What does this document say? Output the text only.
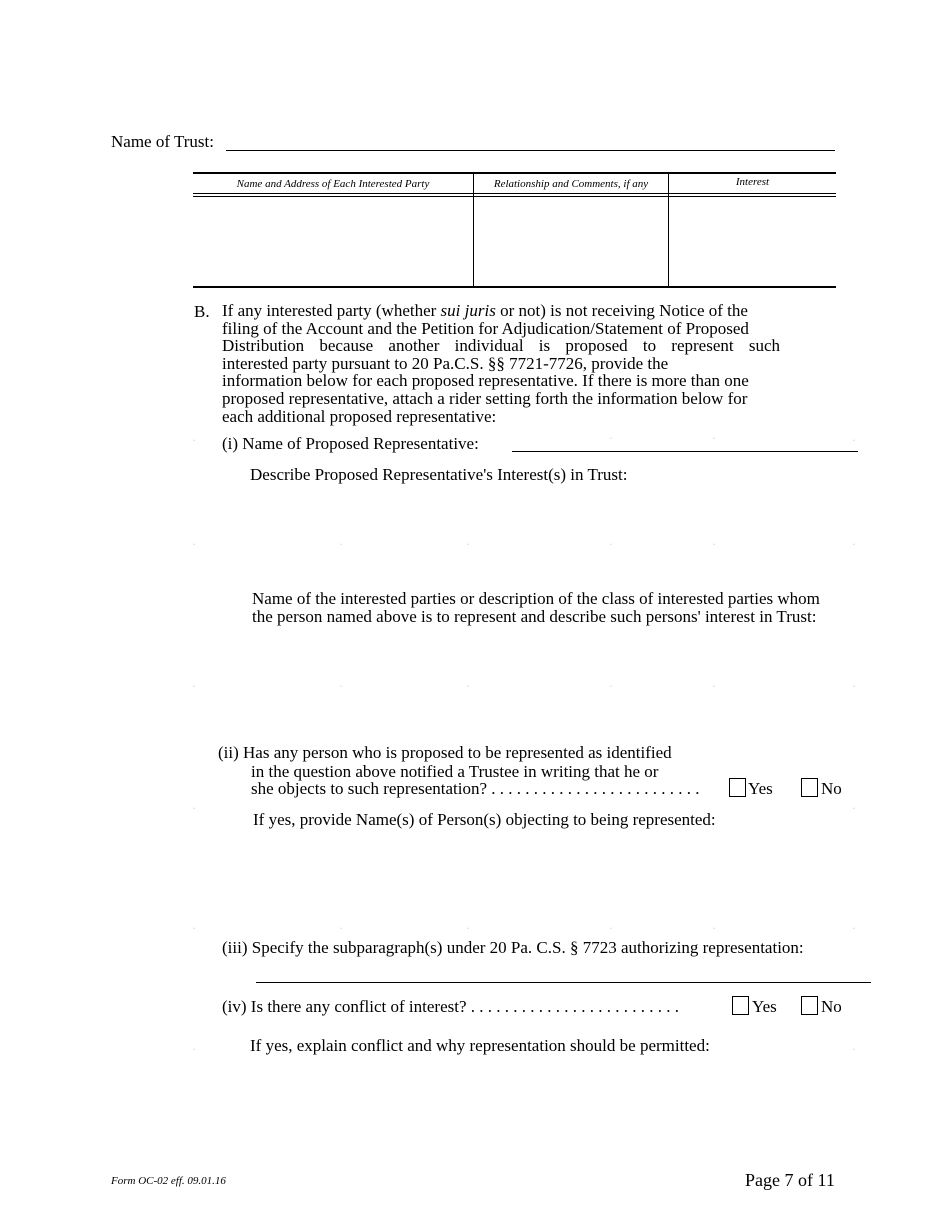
Name of Trust:
Name and Address of Each Interested Party	Relationship and Comments, if any	Interest
B. If any interested party (whether sui juris or not) is not receiving Notice of the
filing of the Account and the Petition for Adjudication/Statement of Proposed
Distribution because another individual is proposed to represent such
interested party pursuant to 20 Pa.C.S. §§ 7721-7726, provide the
information below for each proposed representative. If there is more than one
proposed representative, attach a rider setting forth the information below for
each additional proposed representative:
(i) Name of Proposed Representative:
Describe Proposed Representative's Interest(s) in Trust:
Name of the interested parties or description of the class of interested parties whom
the person named above is to represent and describe such persons' interest in Trust:
(ii) Has any person who is proposed to be represented as identified
in the question above notified a Trustee in writing that he or
she objects to such representation? . . . . . . . . . . . . . . . . . . . . . . . . .	Yes	No
If yes, provide Name(s) of Person(s) objecting to being represented:
(iii) Specify the subparagraph(s) under 20 Pa. C.S. § 7723 authorizing representation:
(iv) Is there any conflict of interest? . . . . . . . . . . . . . . . . . . . . . . . . .	Yes	No
If yes, explain conflict and why representation should be permitted:
·	·	·	·
·	·	·	·	·	·
·	·	·	·	·	·
·	·
·	·	·	·	·	·
·	·
Form OC-02 eff. 09.01.16	Page 7 of 11
